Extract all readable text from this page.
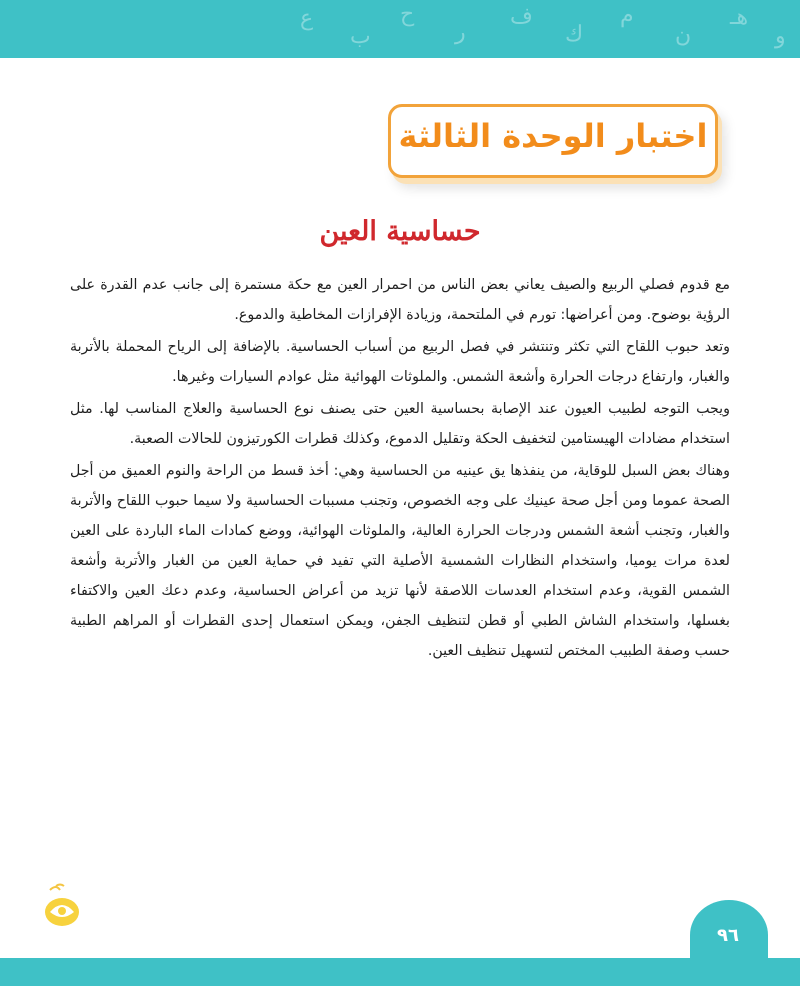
ع
ب
ح
ر
ف
ك
م
ن
هـ
و
اختبار الوحدة الثالثة
حساسية العين

مع قدوم فصلي الربيع والصيف يعاني بعض الناس من احمرار العين مع حكة مستمرة إلى جانب عدم القدرة على الرؤية بوضوح. ومن أعراضها: تورم في الملتحمة، وزيادة الإفرازات المخاطية والدموع.

وتعد حبوب اللقاح التي تكثر وتنتشر في فصل الربيع من أسباب الحساسية. بالإضافة إلى الرياح المحملة بالأتربة والغبار، وارتفاع درجات الحرارة وأشعة الشمس. والملوثات الهوائية مثل عوادم السيارات وغيرها.

ويجب التوجه لطبيب العيون عند الإصابة بحساسية العين حتى يصنف نوع الحساسية والعلاج المناسب لها. مثل استخدام مضادات الهيستامين لتخفيف الحكة وتقليل الدموع، وكذلك قطرات الكورتيزون للحالات الصعبة.

وهناك بعض السبل للوقاية، من ينفذها يق عينيه من الحساسية وهي: أخذ قسط من الراحة والنوم العميق من أجل الصحة عموما ومن أجل صحة عينيك على وجه الخصوص، وتجنب مسببات الحساسية ولا سيما حبوب اللقاح والأتربة والغبار، وتجنب أشعة الشمس ودرجات الحرارة العالية، والملوثات الهوائية، ووضع كمادات الماء الباردة على العين لعدة مرات يوميا، واستخدام النظارات الشمسية الأصلية التي تفيد في حماية العين من الغبار والأتربة وأشعة الشمس القوية، وعدم استخدام العدسات اللاصقة لأنها تزيد من أعراض الحساسية، وعدم دعك العين والاكتفاء بغسلها، واستخدام الشاش الطبي أو قطن لتنظيف الجفن، ويمكن استعمال إحدى القطرات أو المراهم الطبية حسب وصفة الطبيب المختص لتسهيل تنظيف العين.

٩٦
